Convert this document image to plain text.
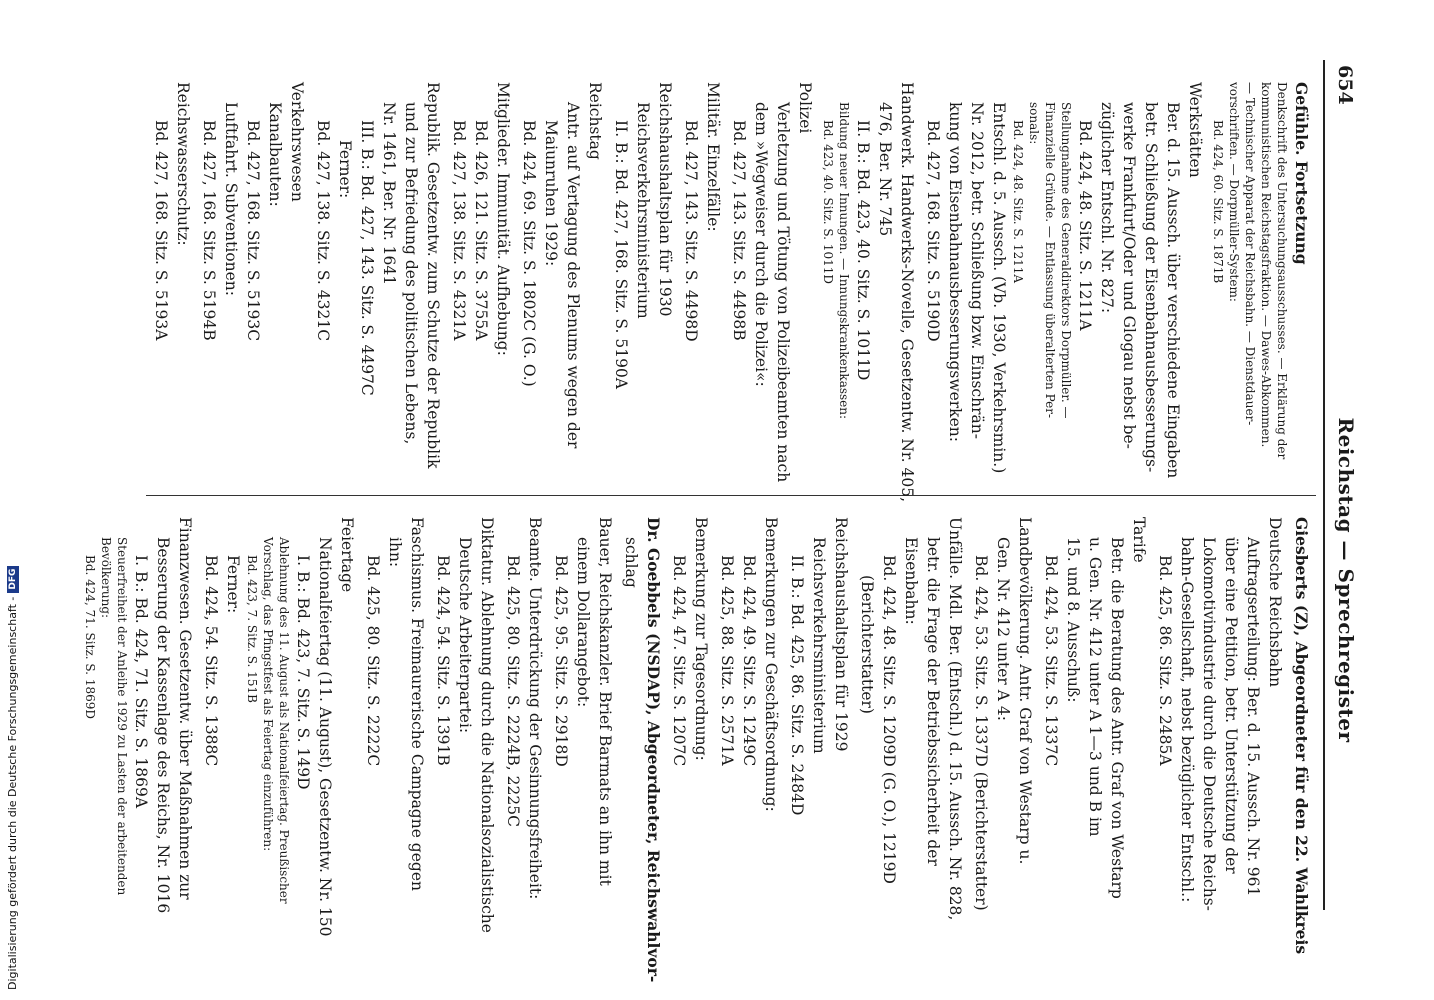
654
Reichstag — Sprechregister
Gefühle. Fortsetzung
Denkschrift des Untersuchungsausschusses. — Erklärung der
kommunistischen Reichstagsfraktion. — Dawes-Abkommen.
— Technischer Apparat der Reichsbahn. — Dienstdauer-
vorschriften. — Dorpmüller-System:
Bd. 424, 60. Sitz. S. 1871B
Werkstätten
Ber. d. 15. Aussch. über verschiedene Eingaben
betr. Schließung der Eisenbahnausbesserungs-
werke Frankfurt/Oder und Glogau nebst be-
züglicher Entschl. Nr. 827:
Bd. 424, 48. Sitz. S. 1211A
Stellungnahme des Generaldirektors Dorpmüller. —
Finanzielle Gründe. — Entlassung überalterten Per-
sonals:
Bd. 424, 48. Sitz. S. 1211A
Entschl. d. 5. Aussch. (Vb. 1930, Verkehrsmin.)
Nr. 2012, betr. Schließung bzw. Einschrän-
kung von Eisenbahnausbesserungswerken:
Bd. 427, 168. Sitz. S. 5190D
Handwerk. Handwerks-Novelle, Gesetzentw. Nr. 405,
476, Ber. Nr. 745
II. B.: Bd. 423, 40. Sitz. S. 1011D
Bildung neuer Innungen. — Innungskrankenkassen:
Bd. 423, 40. Sitz. S. 1011D
Polizei
Verletzung und Tötung von Polizeibeamten nach
dem »Wegweiser durch die Polizei«:
Bd. 427, 143. Sitz. S. 4498B
Militär. Einzelfälle:
Bd. 427, 143. Sitz. S. 4498D
Reichshaushaltsplan für 1930
Reichsverkehrsministerium
II. B.: Bd. 427, 168. Sitz. S. 5190A
Reichstag
Antr. auf Vertagung des Plenums wegen der
Maiunruhen 1929:
Bd. 424, 69. Sitz. S. 1802C (G. O.)
Mitglieder. Immunität. Aufhebung:
Bd. 426, 121. Sitz. S. 3755A
Bd. 427, 138. Sitz. S. 4321A
Republik. Gesetzentw. zum Schutze der Republik
und zur Befriedung des politischen Lebens,
Nr. 1461, Ber. Nr. 1641
III. B.: Bd. 427, 143. Sitz. S. 4497C
Ferner:
Bd. 427, 138. Sitz. S. 4321C
Verkehrswesen
Kanalbauten:
Bd. 427, 168. Sitz. S. 5193C
Luftfahrt. Subventionen:
Bd. 427, 168. Sitz. S. 5194B
Reichswasserschutz:
Bd. 427, 168. Sitz. S. 5193A
Giesberts (Z), Abgeordneter für den 22. Wahlkreis
Deutsche Reichsbahn
Auftragserteilung: Ber. d. 15. Aussch. Nr. 961
über eine Petition, betr. Unterstützung der
Lokomotivindustrie durch die Deutsche Reichs-
bahn-Gesellschaft, nebst bezüglicher Entschl.:
Bd. 425, 86. Sitz. S. 2485A
Tarife
Betr. die Beratung des Antr. Graf von Westarp
u. Gen. Nr. 412 unter A 1—3 und B im
15. und 8. Ausschuß:
Bd. 424, 53. Sitz. S. 1337C
Landbevölkerung. Antr. Graf von Westarp u.
Gen. Nr. 412 unter A 4:
Bd. 424, 53. Sitz. S. 1337D (Berichterstatter)
Unfälle. Mdl. Ber. (Entschl.) d. 15. Aussch. Nr. 828,
betr. die Frage der Betriebssicherheit der
Eisenbahn:
Bd. 424, 48. Sitz. S. 1209D (G. O.), 1219D
(Berichterstatter)
Reichshaushaltsplan für 1929
Reichsverkehrsministerium
II. B.: Bd. 425, 86. Sitz. S. 2484D
Bemerkungen zur Geschäftsordnung:
Bd. 424, 49. Sitz. S. 1249C
Bd. 425, 88. Sitz. S. 2571A
Bemerkung zur Tagesordnung:
Bd. 424, 47. Sitz. S. 1207C
Dr. Goebbels (NSDAP), Abgeordneter, Reichswahlvor-
schlag
Bauer, Reichskanzler. Brief Barmats an ihn mit
einem Dollarangebot:
Bd. 425, 95. Sitz. S. 2918D
Beamte. Unterdrückung der Gesinnungsfreiheit:
Bd. 425, 80. Sitz. S. 2224B, 2225C
Diktatur. Ablehnung durch die Nationalsozialistische
Deutsche Arbeiterpartei:
Bd. 424, 54. Sitz. S. 1391B
Faschismus. Freimaurerische Campagne gegen
ihn:
Bd. 425, 80. Sitz. S. 2222C
Feiertage
Nationalfeiertag (11. August), Gesetzentw. Nr. 150
I. B.: Bd. 423, 7. Sitz. S. 149D
Ablehnung des 11. August als Nationalfeiertag. Preußischer
Vorschlag, das Pfingstfest als Feiertag einzuführen:
Bd. 423, 7. Sitz. S. 151B
Ferner:
Bd. 424, 54. Sitz. S. 1388C
Finanzwesen. Gesetzentw. über Maßnahmen zur
Besserung der Kassenlage des Reichs, Nr. 1016
I. B.: Bd. 424, 71. Sitz. S. 1869A
Steuerfreiheit der Anleihe 1929 zu Lasten der arbeitenden
Bevölkerung:
Bd. 424, 71. Sitz. S. 1869D
Digitalisierung gefördert durch die Deutsche Forschungsgemeinschaft -DFG
